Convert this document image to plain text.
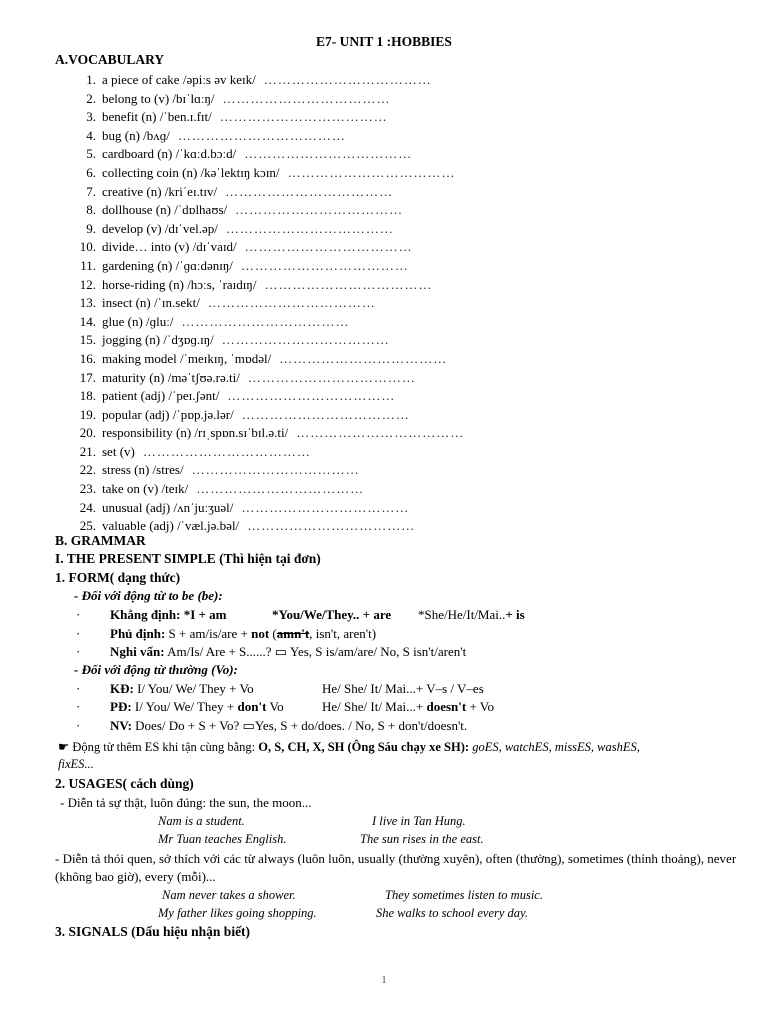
E7- UNIT 1 :HOBBIES
A.VOCABULARY
1. a piece of cake /əpiːs əv keɪk/ ………………………………
2. belong to (v) /bɪˈlɑːŋ/ ………………………………
3. benefit (n) /ˈben.ɪ.fɪt/ ………………………………
4. bug (n) /bʌɡ/ ………………………………
5. cardboard (n) /ˈkɑːd.bɔːd/ ………………………………
6. collecting coin (n) /kəˈlektɪŋ kɔɪn/ ………………………………
7. creative (n) /kriˈeɪ.tɪv/ ………………………………
8. dollhouse (n) /ˈdɒlhaʊs/ ………………………………
9. develop (v) /dɪˈvel.əp/ ………………………………
10. divide… into (v) /dɪˈvaɪd/ ………………………………
11. gardening (n) /ˈɡɑːdənɪŋ/ ………………………………
12. horse-riding (n) /hɔːs, ˈraɪdɪŋ/ ………………………………
13. insect (n) /ˈɪn.sekt/ ………………………………
14. glue (n) /ɡluː/ ………………………………
15. jogging (n) /ˈdʒɒɡ.ɪŋ/ ………………………………
16. making model /ˈmeɪkɪŋ, ˈmɒdəl/ ………………………………
17. maturity (n) /məˈtʃʊə.rə.ti/ ………………………………
18. patient (adj) /ˈpeɪ.ʃənt/ ………………………………
19. popular (adj) /ˈpɒp.jə.lər/ ………………………………
20. responsibility (n) /rɪˌspɒn.sɪˈbɪl.ə.ti/ ………………………………
21. set (v) ………………………………
22. stress (n) /stres/ ………………………………
23. take on (v) /teɪk/ ………………………………
24. unusual (adj) /ʌnˈjuːʒuəl/ ………………………………
25. valuable (adj) /ˈvæl.jə.bəl/ ………………………………
B. GRAMMAR
I. THE PRESENT SIMPLE (Thì hiện tại đơn)
1. FORM( dạng thức)
- Đối với động từ to be (be):
· Khẳng định: *I + am	*You/We/They.. + are *She/He/It/Mai..+ is
· Phủ định: S + am/is/are + not (amn't, isn't, aren't)
· Nghi vấn: Am/Is/ Are + S......? ▭ Yes, S is/am/are/ No, S isn't/aren't
- Đối với động từ thường (Vo):
· KĐ: I/ You/ We/ They + Vo	He/ She/ It/ Mai...+ V–s / V–es
· PĐ: I/ You/ We/ They + don't Vo	He/ She/ It/ Mai...+ doesn't + Vo
· NV: Does/ Do + S + Vo? ▭Yes, S + do/does. / No, S + don't/doesn't.
☛ Động từ thêm ES khi tận cùng bằng: O, S, CH, X, SH (Ông Sáu chạy xe SH): goES, watchES, missES, washES,
fixES...
2. USAGES( cách dùng)
- Diễn tả sự thật, luôn đúng: the sun, the moon...
Nam is a student.	I live in Tan Hung.
Mr Tuan teaches English.	The sun rises in the east.
- Diễn tả thói quen, sở thích với các từ always (luôn luôn, usually (thường xuyên), often (thường), sometimes (thỉnh thoảng), never (không bao giờ), every (mỗi)...
Nam never takes a shower.	They sometimes listen to music.
My father likes going shopping.	She walks to school every day.
3. SIGNALS (Dấu hiệu nhận biết)
1
